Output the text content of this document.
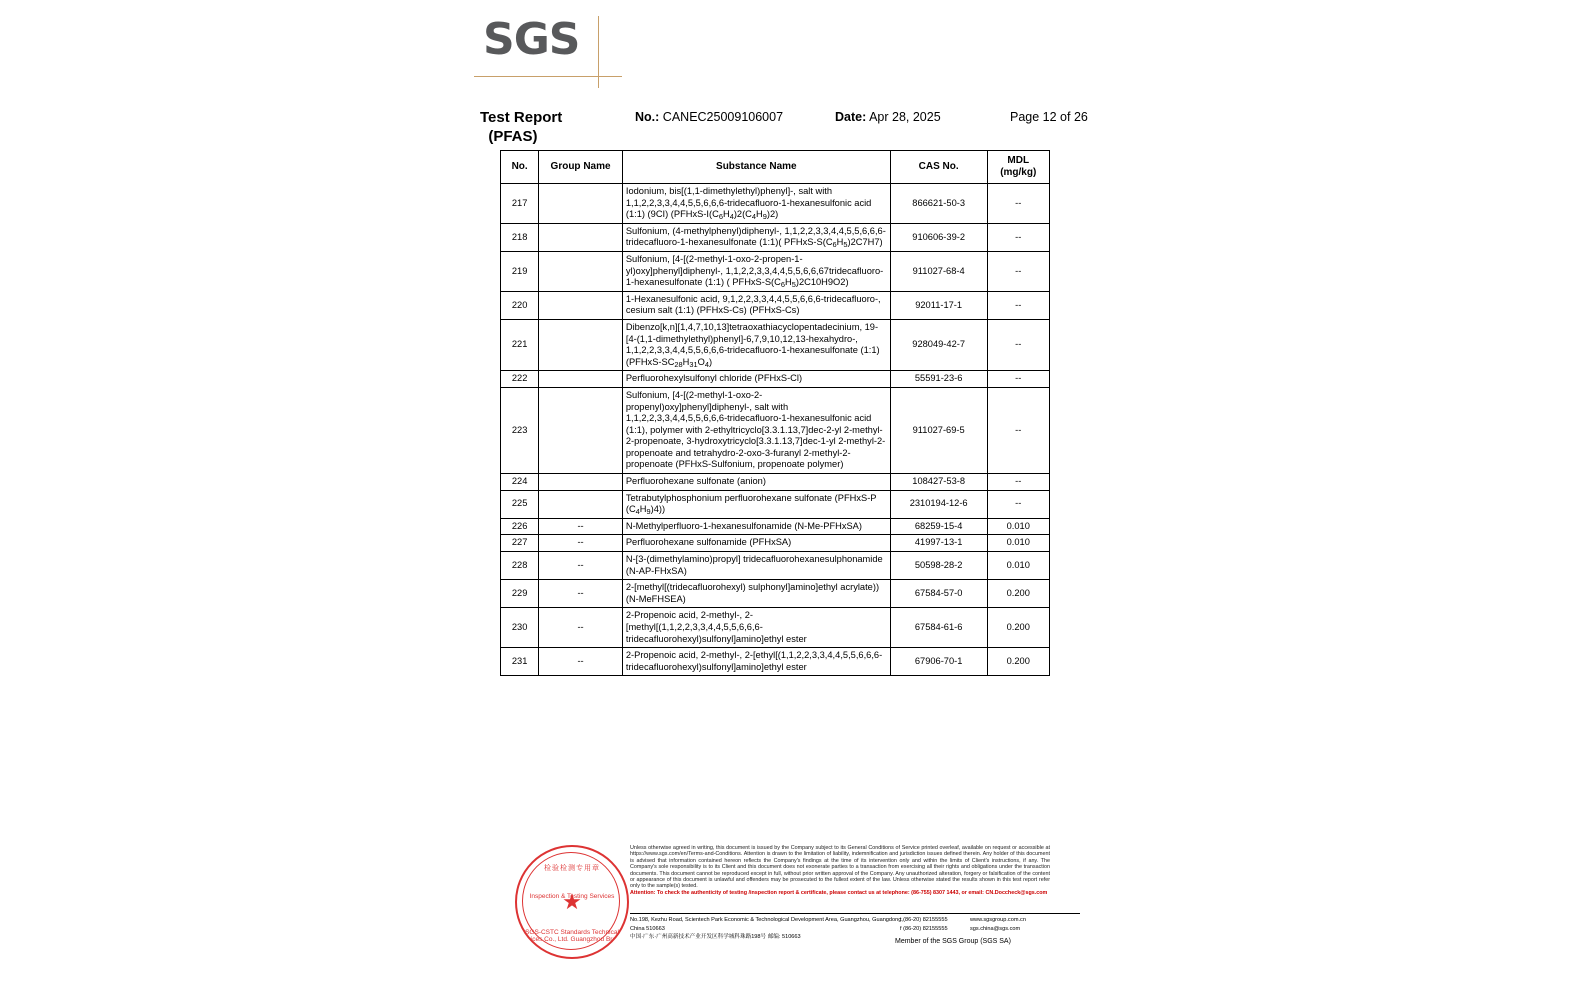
SGS
Test Report
(PFAS)
No.: CANEC25009106007	Date: Apr 28, 2025	Page 12 of 26
No.	Group Name	Substance Name	CAS No.	MDL
(mg/kg)
217		Iodonium, bis[(1,1-dimethylethyl)phenyl]-, salt with 1,1,2,2,3,3,4,4,5,5,6,6,6-tridecafluoro-1-hexanesulfonic acid (1:1) (9CI) $(PFHxS-I(C_6H_4)2(C_4H_9)2)$	866621-50-3	--
218		Sulfonium, (4-methylphenyl)diphenyl-, 1,1,2,2,3,3,4,4,5,5,6,6,6-tridecafluoro-1-hexanesulfonate (1:1)( PFHxS-$S(C_6H_5)2C7H7$)	910606-39-2	--
219		Sulfonium, [4-[(2-methyl-1-oxo-2-propen-1-yl)oxy]phenyl]diphenyl-, 1,1,2,2,3,3,4,4,5,5,6,6,67tridecafluoro-1-hexanesulfonate (1:1) ( PFHxS-$S(C_6H_5)2C10H9O2$)	911027-68-4	--
220		1-Hexanesulfonic acid, 9,1,2,2,3,3,4,4,5,5,6,6,6-tridecafluoro-, cesium salt (1:1) (PFHxS-Cs) (PFHxS-Cs)	92011-17-1	--
221		Dibenzo[k,n][1,4,7,10,13]tetraoxathiacyclopentadecinium, 19-[4-(1,1-dimethylethyl)phenyl]-6,7,9,10,12,13-hexahydro-, 1,1,2,2,3,3,4,4,5,5,6,6,6-tridecafluoro-1-hexanesulfonate (1:1) $(PFHxS-SC_{28}H_{31}O_4)$	928049-42-7	--
222		Perfluorohexylsulfonyl chloride (PFHxS-Cl)	55591-23-6	--
223		Sulfonium, [4-[(2-methyl-1-oxo-2-propenyl)oxy]phenyl]diphenyl-, salt with 1,1,2,2,3,3,4,4,5,5,6,6,6-tridecafluoro-1-hexanesulfonic acid (1:1), polymer with 2-ethyltricyclo[3.3.1.13,7]dec-2-yl 2-methyl-2-propenoate, 3-hydroxytricyclo[3.3.1.13,7]dec-1-yl 2-methyl-2-propenoate and tetrahydro-2-oxo-3-furanyl 2-methyl-2-propenoate (PFHxS-Sulfonium, propenoate polymer)	911027-69-5	--
224		Perfluorohexane sulfonate (anion)	108427-53-8	--
225		Tetrabutylphosphonium perfluorohexane sulfonate (PFHxS-P $(C_4H_9)4$))	2310194-12-6	--
226	--	N-Methylperfluoro-1-hexanesulfonamide (N-Me-PFHxSA)	68259-15-4	0.010
227	--	Perfluorohexane sulfonamide (PFHxSA)	41997-13-1	0.010
228	--	N-[3-(dimethylamino)propyl] tridecafluorohexanesulphonamide (N-AP-FHxSA)	50598-28-2	0.010
229	--	2-[methyl[(tridecafluorohexyl) sulphonyl]amino]ethyl acrylate)) (N-MeFHSEA)	67584-57-0	0.200
230	--	2-Propenoic acid, 2-methyl-, 2-[methyl[(1,1,2,2,3,3,4,4,5,5,6,6,6-tridecafluorohexyl)sulfonyl]amino]ethyl ester	67584-61-6	0.200
231	--	2-Propenoic acid, 2-methyl-, 2-[ethyl[(1,1,2,2,3,3,4,4,5,5,6,6,6-tridecafluorohexyl)sulfonyl]amino]ethyl ester	67906-70-1	0.200
检验检测专用章
★
Inspection & Testing Services
SGS-CSTC Standards Technical Services Co., Ltd. Guangzhou Branch
Unless otherwise agreed in writing, this document is issued by the Company subject to its General Conditions of Service printed overleaf, available on request or accessible at https://www.sgs.com/en/Terms-and-Conditions. Attention is drawn to the limitation of liability, indemnification and jurisdiction issues defined therein. Any holder of this document is advised that information contained hereon reflects the Company's findings at the time of its intervention only and within the limits of Client's instructions, if any. The Company's sole responsibility is to its Client and this document does not exonerate parties to a transaction from exercising all their rights and obligations under the transaction documents. This document cannot be reproduced except in full, without prior written approval of the Company. Any unauthorized alteration, forgery or falsification of the content or appearance of this document is unlawful and offenders may be prosecuted to the fullest extent of the law. Unless otherwise stated the results shown in this test report refer only to the sample(s) tested.
Attention: To check the authenticity of testing /inspection report & certificate, please contact us at telephone: (86-755) 8307 1443, or email: CN.Doccheck@sgs.com
No.198, Kezhu Road, Scientech Park Economic & Technological Development Area, Guangzhou, Guangdong, China 510663
中国·广东·广州高新技术产业开发区科学城科珠路198号 邮编: 510663
t (86-20) 82155555
f (86-20) 82155555
www.sgsgroup.com.cn
sgs.china@sgs.com
Member of the SGS Group (SGS SA)
